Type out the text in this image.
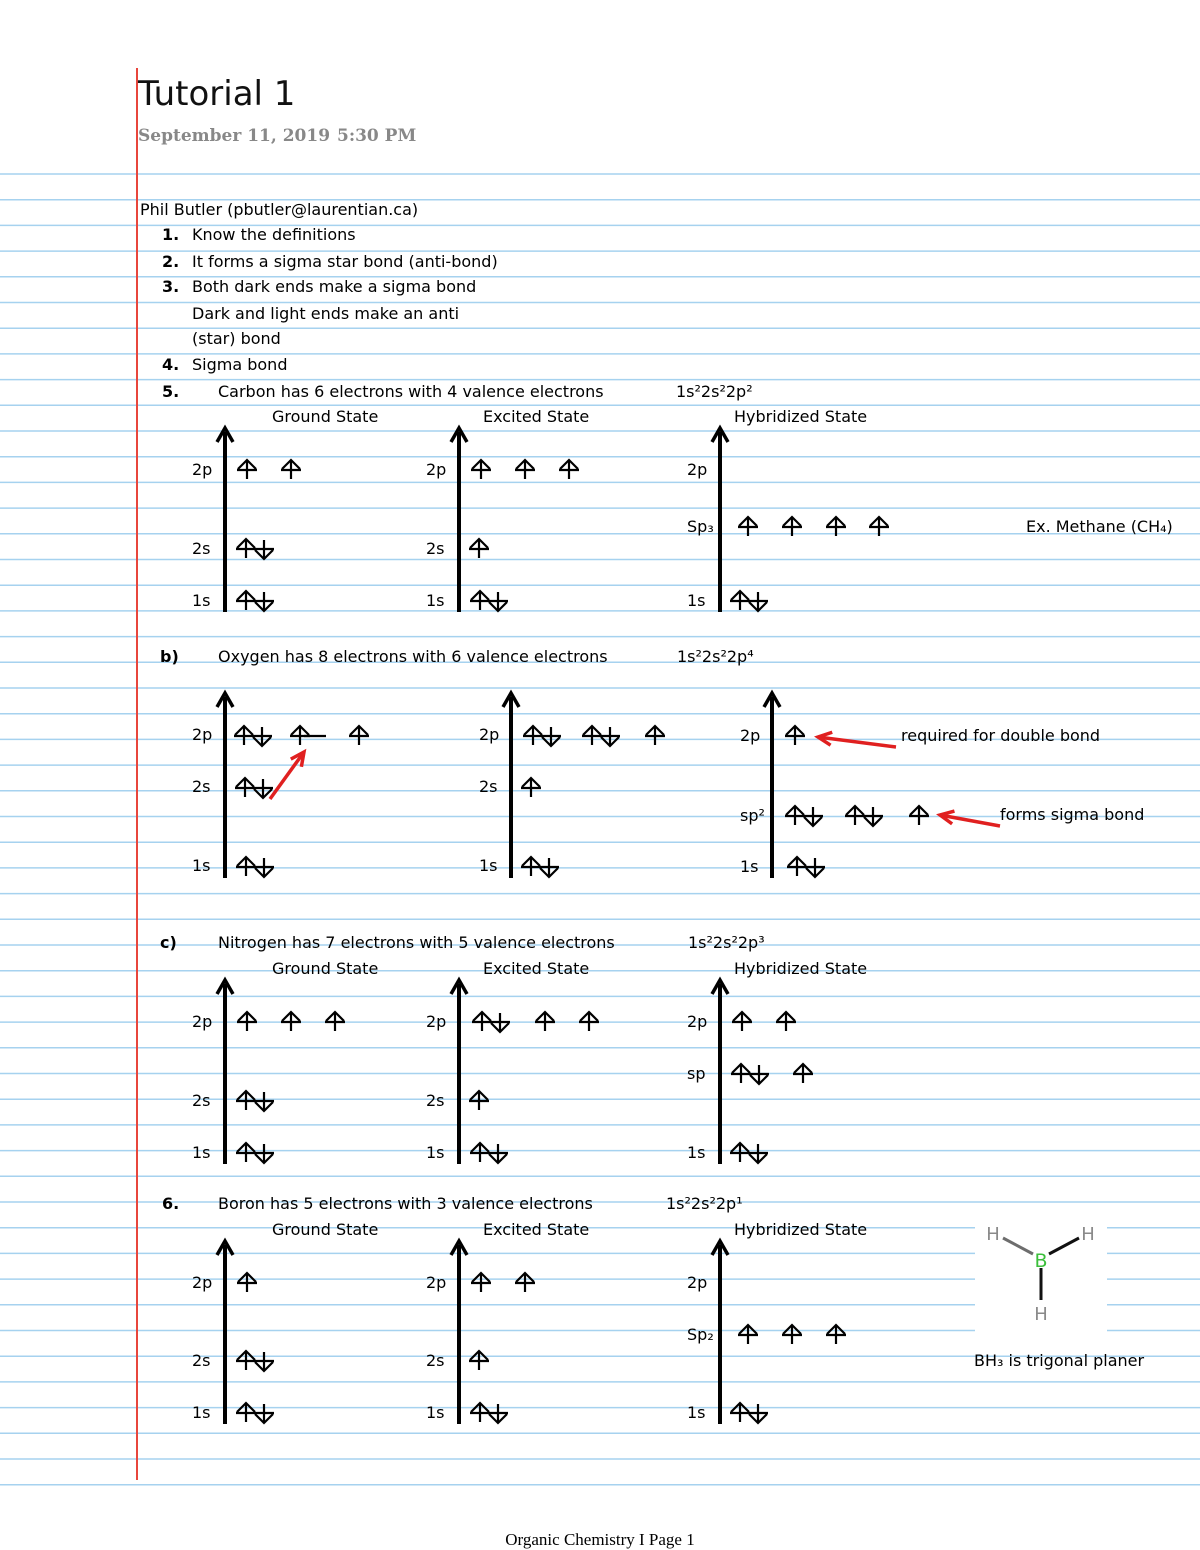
Tutorial 1
September 11, 2019 5:30 PM
Phil Butler (pbutler@laurentian.ca)
1. Know the definitions
2. It forms a sigma star bond (anti-bond)
3. Both dark ends make a sigma bond
Dark and light ends make an anti
(star) bond
4. Sigma bond
5. Carbon has 6 electrons with 4 valence electrons	1s²2s²2p²
Ground State	Excited State	Hybridized State
2p
2s
1s
2p
2s
1s
2p
Sp₃
1s
Ex. Methane (CH₄)
b) Oxygen has 8 electrons with 6 valence electrons	1s²2s²2p⁴
2p
2s
1s
2p
2s
1s
2p
sp²
1s
required for double bond
forms sigma bond
c)	Nitrogen has 7 electrons with 5 valence electrons	1s²2s²2p³
Ground State	Excited State	Hybridized State
2p
2s
1s
2p
2s
1s
2p
sp
1s
6. Boron has 5 electrons with 3 valence electrons	1s²2s²2p¹
Ground State	Excited State	Hybridized State
2p
2s
1s
2p
2s
1s
2p
Sp₂
1s
BH₃ is trigonal planer
H	H
B
H
Organic Chemistry I Page 1
